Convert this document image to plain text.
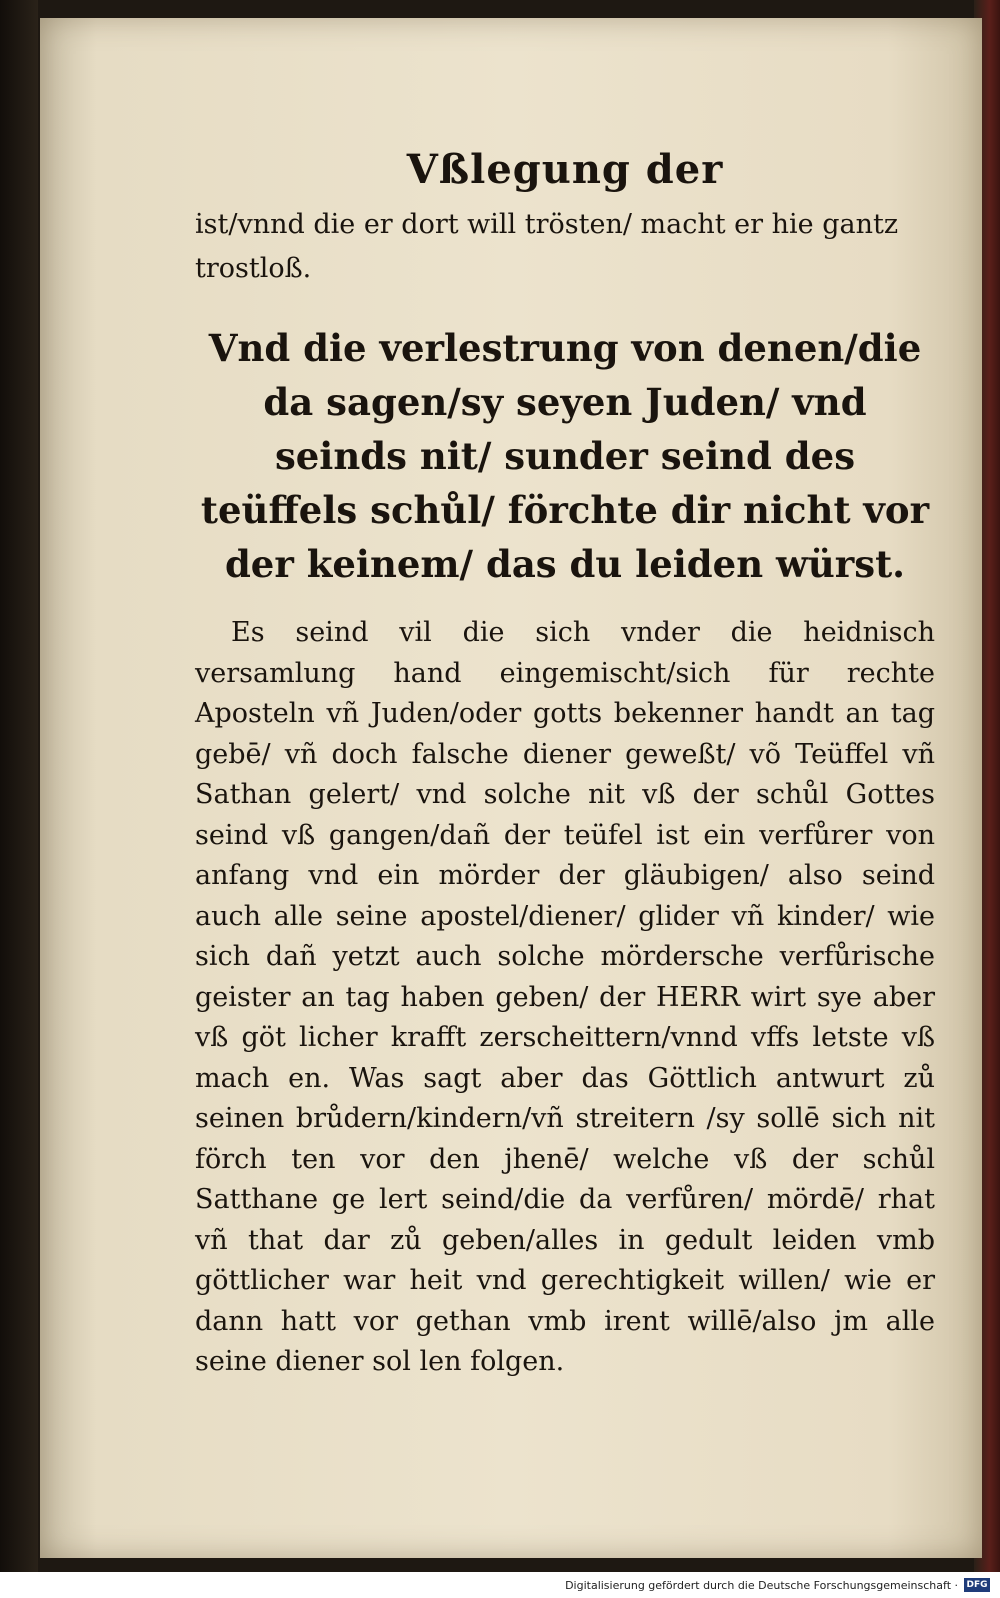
Vßlegung der

ist/vnnd die er dort will trösten/ macht er hie gantz trostloß.

Vnd die verlestrung von denen/die da sagen/sy seyen Juden/ vnd seinds nit/ sunder seind des teüffels schůl/ förchte dir nicht vor der keinem/ das du leiden würst.

Es seind vil die sich vnder die heidnisch versamlung hand eingemischt/sich für rechte Aposteln vñ Juden/oder gotts bekenner handt an tag gebē/ vñ doch falsche diener geweßt/ võ Teüffel vñ Sathan gelert/ vnd solche nit vß der schůl Gottes seind vß gangen/dañ der teüfel ist ein verfůrer von anfang vnd ein mörder der gläubigen/ also seind auch alle seine apostel/diener/ glider vñ kinder/ wie sich dañ yetzt auch solche mördersche verfůrische geister an tag haben geben/ der HERR wirt sye aber vß göt licher krafft zerscheittern/vnnd vffs letste vß mach en. Was sagt aber das Göttlich antwurt zů seinen brůdern/kindern/vñ streitern /sy sollē sich nit förch ten vor den jhenē/ welche vß der schůl Satthane ge lert seind/die da verfůren/ mördē/ rhat vñ that dar zů geben/alles in gedult leiden vmb göttlicher war heit vnd gerechtigkeit willen/ wie er dann hatt vor gethan vmb irent willē/also jm alle seine diener sol len folgen.

Digitalisierung gefördert durch die Deutsche Forschungsgemeinschaft · DFG
